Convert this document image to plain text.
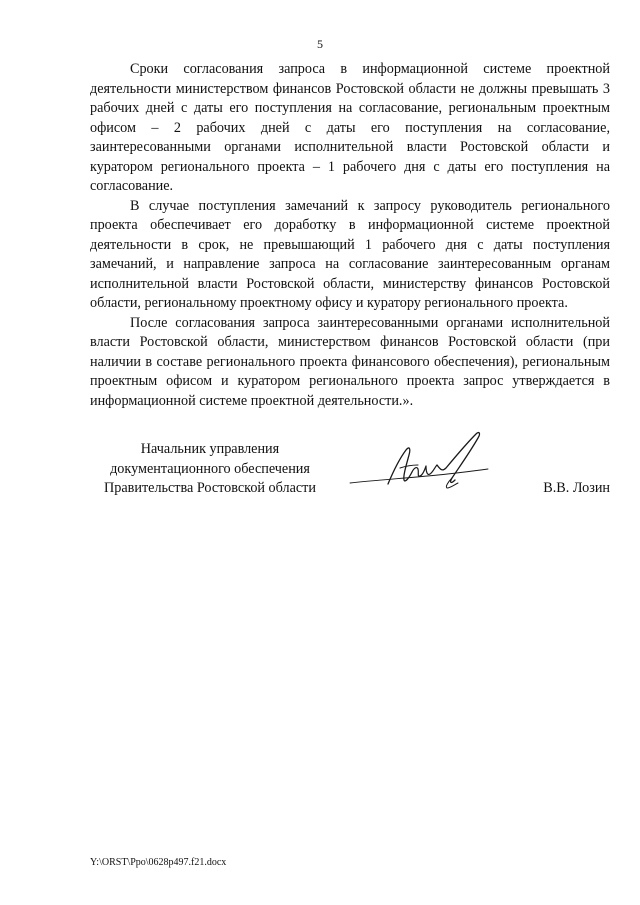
5

Сроки согласования запроса в информационной системе проектной деятельности министерством финансов Ростовской области не должны превышать 3 рабочих дней с даты его поступления на согласование, региональным проектным офисом – 2 рабочих дней с даты его поступления на согласование, заинтересованными органами исполнительной власти Ростовской области и куратором регионального проекта – 1 рабочего дня с даты его поступления на согласование.

В случае поступления замечаний к запросу руководитель регионального проекта обеспечивает его доработку в информационной системе проектной деятельности в срок, не превышающий 1 рабочего дня с даты поступления замечаний, и направление запроса на согласование заинтересованным органам исполнительной власти Ростовской области, министерству финансов Ростовской области, региональному проектному офису и куратору регионального проекта.

После согласования запроса заинтересованными органами исполнительной власти Ростовской области, министерством финансов Ростовской области (при наличии в составе регионального проекта финансового обеспечения), региональным проектным офисом и куратором регионального проекта запрос утверждается в информационной системе проектной деятельности.».

Начальник управления
документационного обеспечения
Правительства Ростовской области	В.В. Лозин
Y:\ORST\Ppo\0628p497.f21.docx
